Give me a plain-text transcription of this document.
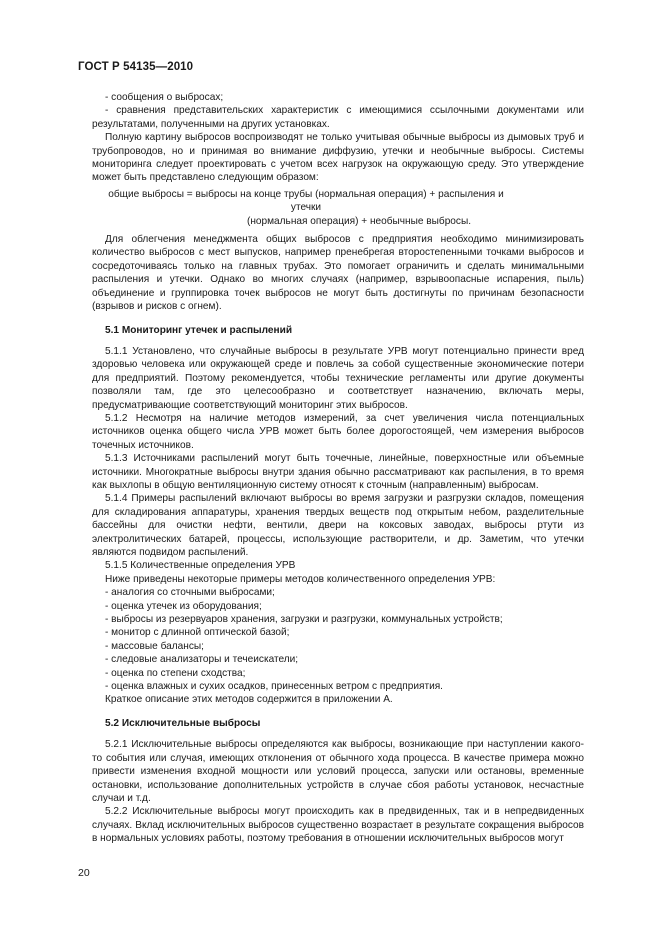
ГОСТ Р 54135—2010

- сообщения о выбросах;

- сравнения представительских характеристик с имеющимися ссылочными документами или результатами, полученными на других установках.

Полную картину выбросов воспроизводят не только учитывая обычные выбросы из дымовых труб и трубопроводов, но и принимая во внимание диффузию, утечки и необычные выбросы. Системы мониторинга следует проектировать с учетом всех нагрузок на окружающую среду. Это утверждение может быть представлено следующим образом:

общие выбросы = выбросы на конце трубы (нормальная операция) + распыления и утечки
(нормальная операция) + необычные выбросы.

Для облегчения менеджмента общих выбросов с предприятия необходимо минимизировать количество выбросов с мест выпусков, например пренебрегая второстепенными точками выбросов и сосредоточиваясь только на главных трубах. Это помогает ограничить и сделать минимальными распыления и утечки. Однако во многих случаях (например, взрывоопасные испарения, пыль) объединение и группировка точек выбросов не могут быть достигнуты по причинам безопасности (взрывов и рисков с огнем).

5.1 Мониторинг утечек и распылений

5.1.1 Установлено, что случайные выбросы в результате УРВ могут потенциально принести вред здоровью человека или окружающей среде и повлечь за собой существенные экономические потери для предприятий. Поэтому рекомендуется, чтобы технические регламенты или другие документы позволяли там, где это целесообразно и соответствует назначению, включать меры, предусматривающие соответствующий мониторинг этих выбросов.

5.1.2 Несмотря на наличие методов измерений, за счет увеличения числа потенциальных источников оценка общего числа УРВ может быть более дорогостоящей, чем измерения выбросов точечных источников.

5.1.3 Источниками распылений могут быть точечные, линейные, поверхностные или объемные источники. Многократные выбросы внутри здания обычно рассматривают как распыления, в то время как выхлопы в общую вентиляционную систему относят к сточным (направленным) выбросам.

5.1.4 Примеры распылений включают выбросы во время загрузки и разгрузки складов, помещения для складирования аппаратуры, хранения твердых веществ под открытым небом, разделительные бассейны для очистки нефти, вентили, двери на коксовых заводах, выбросы ртути из электролитических батарей, процессы, использующие растворители, и др. Заметим, что утечки являются подвидом распылений.

5.1.5 Количественные определения УРВ

Ниже приведены некоторые примеры методов количественного определения УРВ:

- аналогия со сточными выбросами;
- оценка утечек из оборудования;
- выбросы из резервуаров хранения, загрузки и разгрузки, коммунальных устройств;
- монитор с длинной оптической базой;
- массовые балансы;
- следовые анализаторы и течеискатели;
- оценка по степени сходства;
- оценка влажных и сухих осадков, принесенных ветром с предприятия.

Краткое описание этих методов содержится в приложении А.

5.2 Исключительные выбросы

5.2.1 Исключительные выбросы определяются как выбросы, возникающие при наступлении какого-то события или случая, имеющих отклонения от обычного хода процесса. В качестве примера можно привести изменения входной мощности или условий процесса, запуски или остановы, временные остановки, использование дополнительных устройств в случае сбоя работы установок, несчастные случаи и т.д.

5.2.2 Исключительные выбросы могут происходить как в предвиденных, так и в непредвиденных случаях. Вклад исключительных выбросов существенно возрастает в результате сокращения выбросов в нормальных условиях работы, поэтому требования в отношении исключительных выбросов могут

20
